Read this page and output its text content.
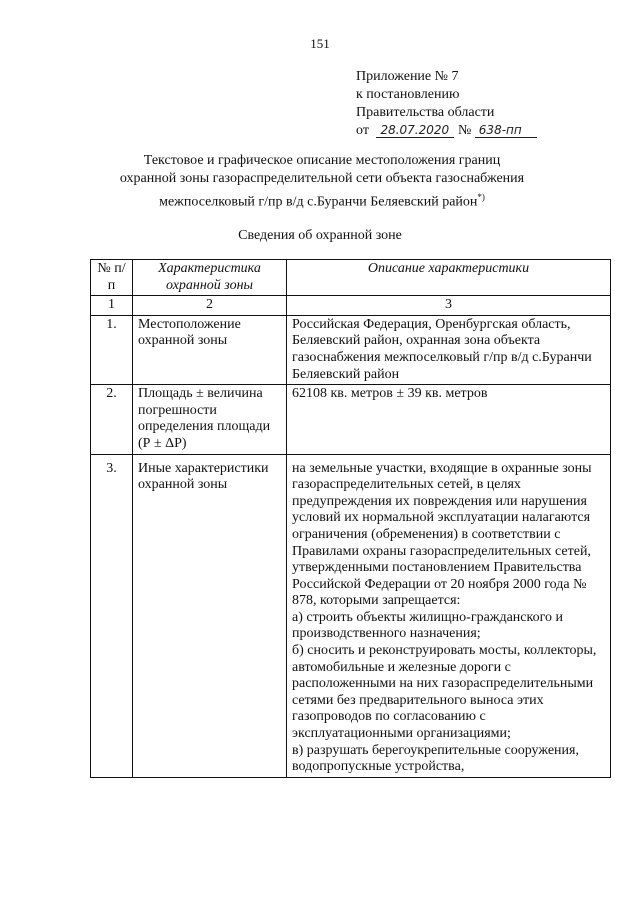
151
Приложение № 7
к постановлению
Правительства области
от 28.07.2020 № 638-пп
Текстовое и графическое описание местоположения границ
охранной зоны газораспределительной сети объекта газоснабжения
межпоселковый г/пр в/д с.Буранчи Беляевский район*)
Сведения об охранной зоне
№ п/п	Характеристика охранной зоны	Описание характеристики
1	2	3
1.	Местоположение охранной зоны	Российская Федерация, Оренбургская область, Беляевский район, охранная зона объекта газоснабжения межпоселковый г/пр в/д с.Буранчи Беляевский район
2.	Площадь ± величина погрешности определения площади (Р ± ΔР)	62108 кв. метров ± 39 кв. метров
3.	Иные характеристики охранной зоны	на земельные участки, входящие в охранные зоны газораспределительных сетей, в целях предупреждения их повреждения или нарушения условий их нормальной эксплуатации налагаются ограничения (обременения) в соответствии с Правилами охраны газораспределительных сетей, утвержденными постановлением Правительства Российской Федерации от 20 ноября 2000 года № 878, которыми запрещается:
а) строить объекты жилищно-гражданского и производственного назначения;
б) сносить и реконструировать мосты, коллекторы, автомобильные и железные дороги с расположенными на них газораспределительными сетями без предварительного выноса этих газопроводов по согласованию с эксплуатационными организациями;
в) разрушать берегоукрепительные сооружения, водопропускные устройства,
